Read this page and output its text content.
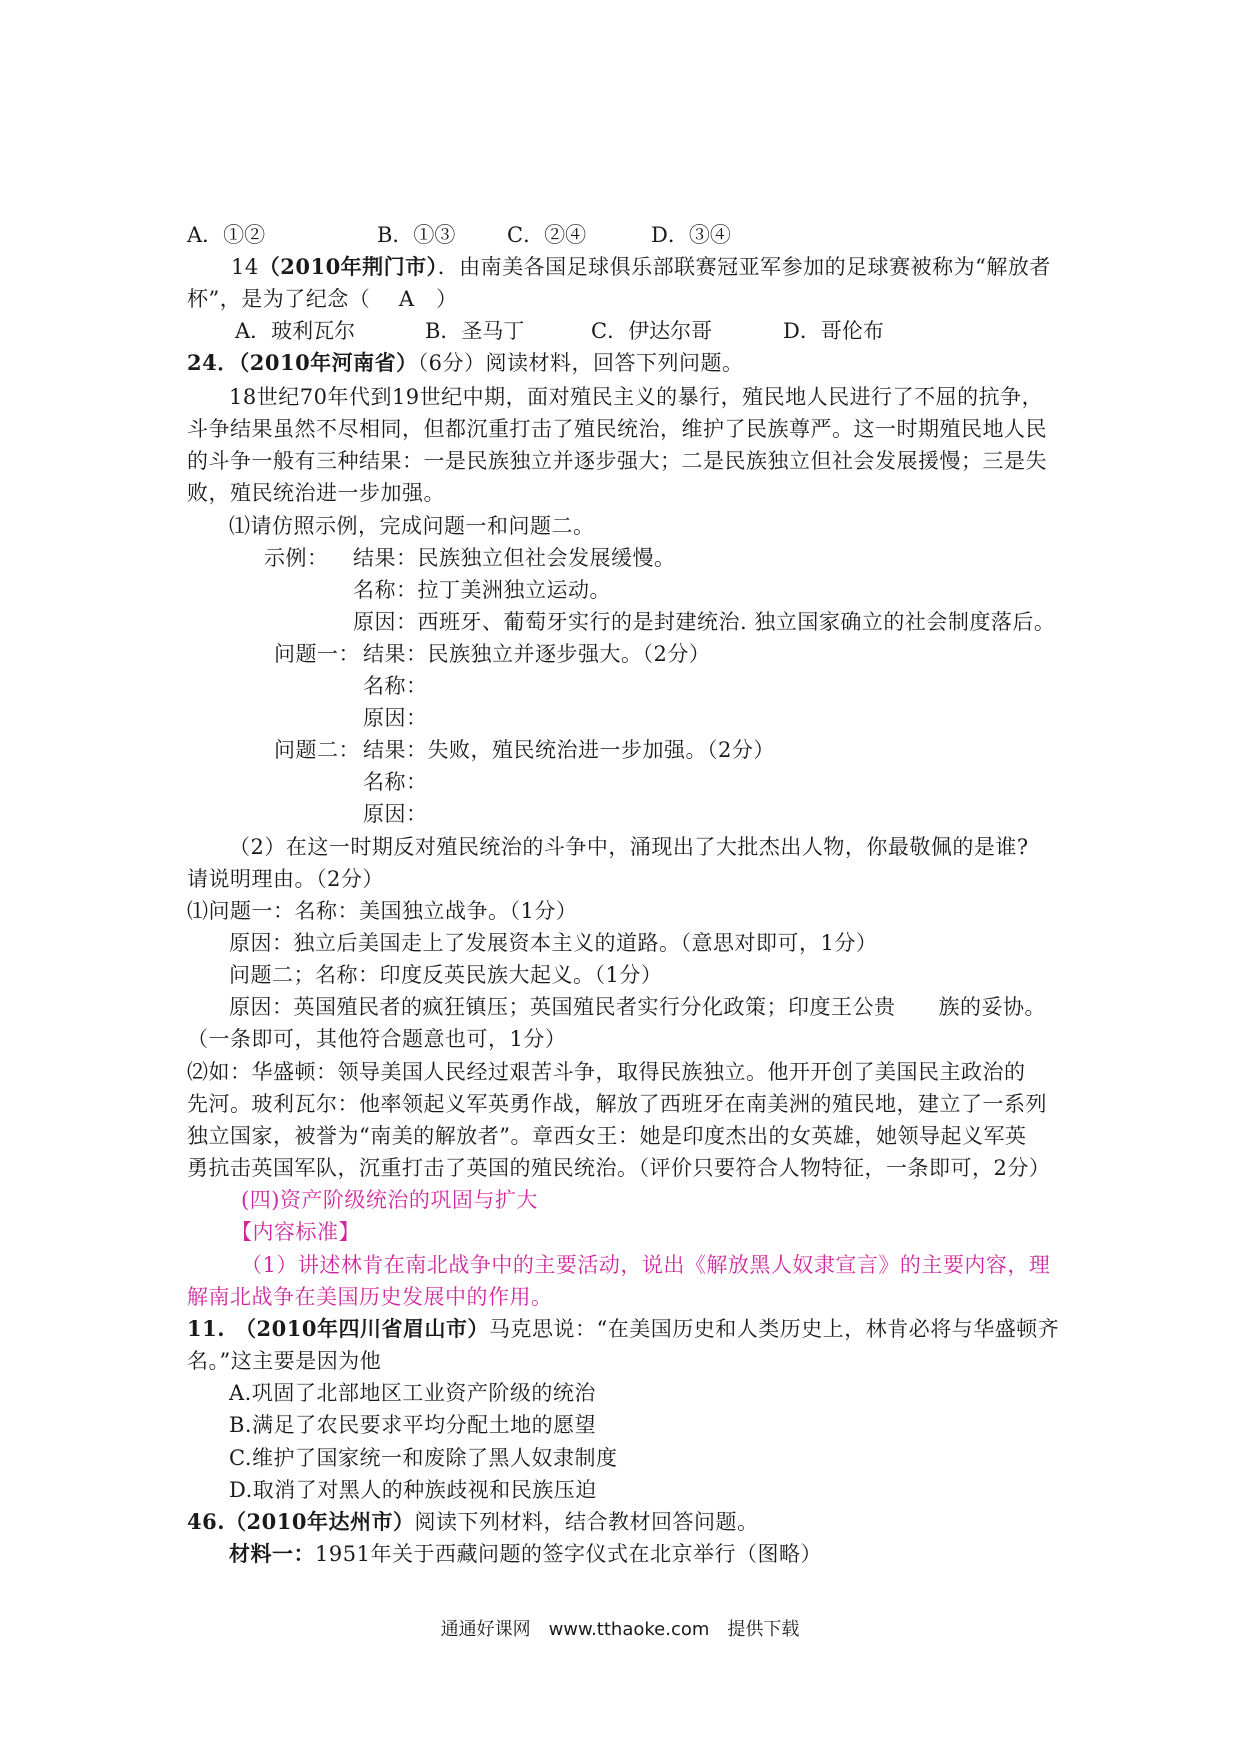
A．①②	B．①③ C．②④	D．③④
14（2010年荆门市）．由南美各国足球俱乐部联赛冠亚军参加的足球赛被称为“解放者
杯”，是为了纪念（　 A　）
A．玻利瓦尔	B．圣马丁	C．伊达尔哥	D．哥伦布
24．（2010年河南省）（6分）阅读材料，回答下列问题。
18世纪70年代到19世纪中期，面对殖民主义的暴行，殖民地人民进行了不屈的抗争，
斗争结果虽然不尽相同，但都沉重打击了殖民统治，维护了民族尊严。这一时期殖民地人民
的斗争一般有三种结果：一是民族独立并逐步强大；二是民族独立但社会发展援慢；三是失
败，殖民统治进一步加强。
⑴请仿照示例，完成问题一和问题二。
示例： 结果：民族独立但社会发展缓慢。
名称：拉丁美洲独立运动。
原因：西班牙、葡萄牙实行的是封建统治. 独立国家确立的社会制度落后。
问题一： 结果：民族独立并逐步强大。（2分）
名称：
原因：
问题二： 结果：失败，殖民统治进一步加强。（2分）
名称：
原因：
（2）在这一时期反对殖民统治的斗争中，涌现出了大批杰出人物，你最敬佩的是谁?
请说明理由。（2分）
⑴问题一：名称：美国独立战争。（1分）
原因：独立后美国走上了发展资本主义的道路。（意思对即可，1分）
问题二；名称：印度反英民族大起义。（1分）
原因：英国殖民者的疯狂镇压；英国殖民者实行分化政策；印度王公贵　　族的妥协。
（一条即可，其他符合题意也可，1分）
⑵如：华盛顿：领导美国人民经过艰苦斗争，取得民族独立。他开开创了美国民主政治的
先河。玻利瓦尔：他率领起义军英勇作战，解放了西班牙在南美洲的殖民地，建立了一系列
独立国家，被誉为“南美的解放者”。章西女王：她是印度杰出的女英雄，她领导起义军英
勇抗击英国军队，沉重打击了英国的殖民统治。（评价只要符合人物特征，一条即可，2分）
(四)资产阶级统治的巩固与扩大
【内容标准】
（1）讲述林肯在南北战争中的主要活动，说出《解放黑人奴隶宣言》的主要内容，理
解南北战争在美国历史发展中的作用。
11. （2010年四川省眉山市）马克思说：“在美国历史和人类历史上，林肯必将与华盛顿齐
名。”这主要是因为他
A.巩固了北部地区工业资产阶级的统治
B.满足了农民要求平均分配土地的愿望
C.维护了国家统一和废除了黑人奴隶制度
D.取消了对黑人的种族歧视和民族压迫
46.（2010年达州市）阅读下列材料，结合教材回答问题。
材料一：1951年关于西藏问题的签字仪式在北京举行（图略）
通通好课网　www.tthaoke.com　提供下载
